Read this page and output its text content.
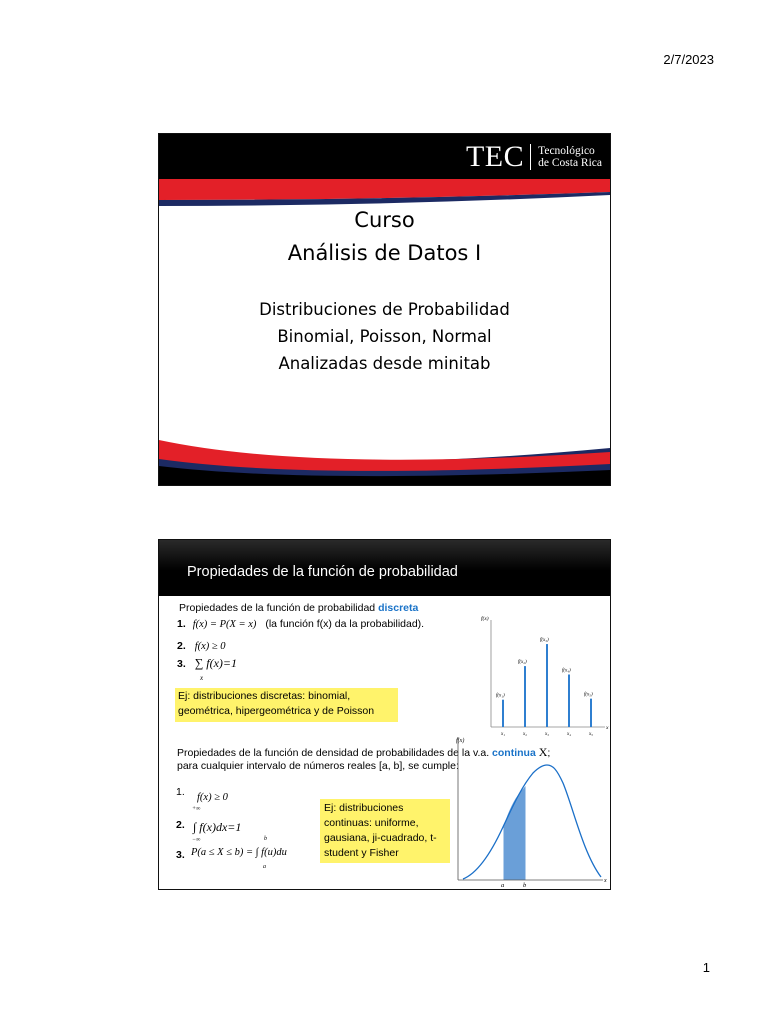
2/7/2023
TEC Tecnológico
de Costa Rica
Curso
Análisis de Datos I
Distribuciones de Probabilidad
Binomial, Poisson, Normal
Analizadas desde minitab
Propiedades de la función de probabilidad
Propiedades de la función de probabilidad discreta
1. f(x) = P(X = x) (la función f(x) da la probabilidad).
2. f(x) ≥ 0
3. ∑ f(x)=1
x
Ej: distribuciones discretas: binomial,
geométrica, hipergeométrica y de Poisson
f(x)
x
f(x₁)
x₁
f(x₂)
x₂
f(x₃)
x₃
f(x₄)
x₄
f(x₅)
x₅
Propiedades de la función de densidad de probabilidades de la v.a. continua X;
para cualquier intervalo de números reales [a, b], se cumple:
1. f(x) ≥ 0
2.
+∞
∫ f(x)dx=1
−∞
3.
b
P(a ≤ X ≤ b) = ∫ f(u)du
a
Ej: distribuciones
continuas: uniforme,
gausiana, ji-cuadrado, t-
student y Fisher
f(x)
x
a	b
1
